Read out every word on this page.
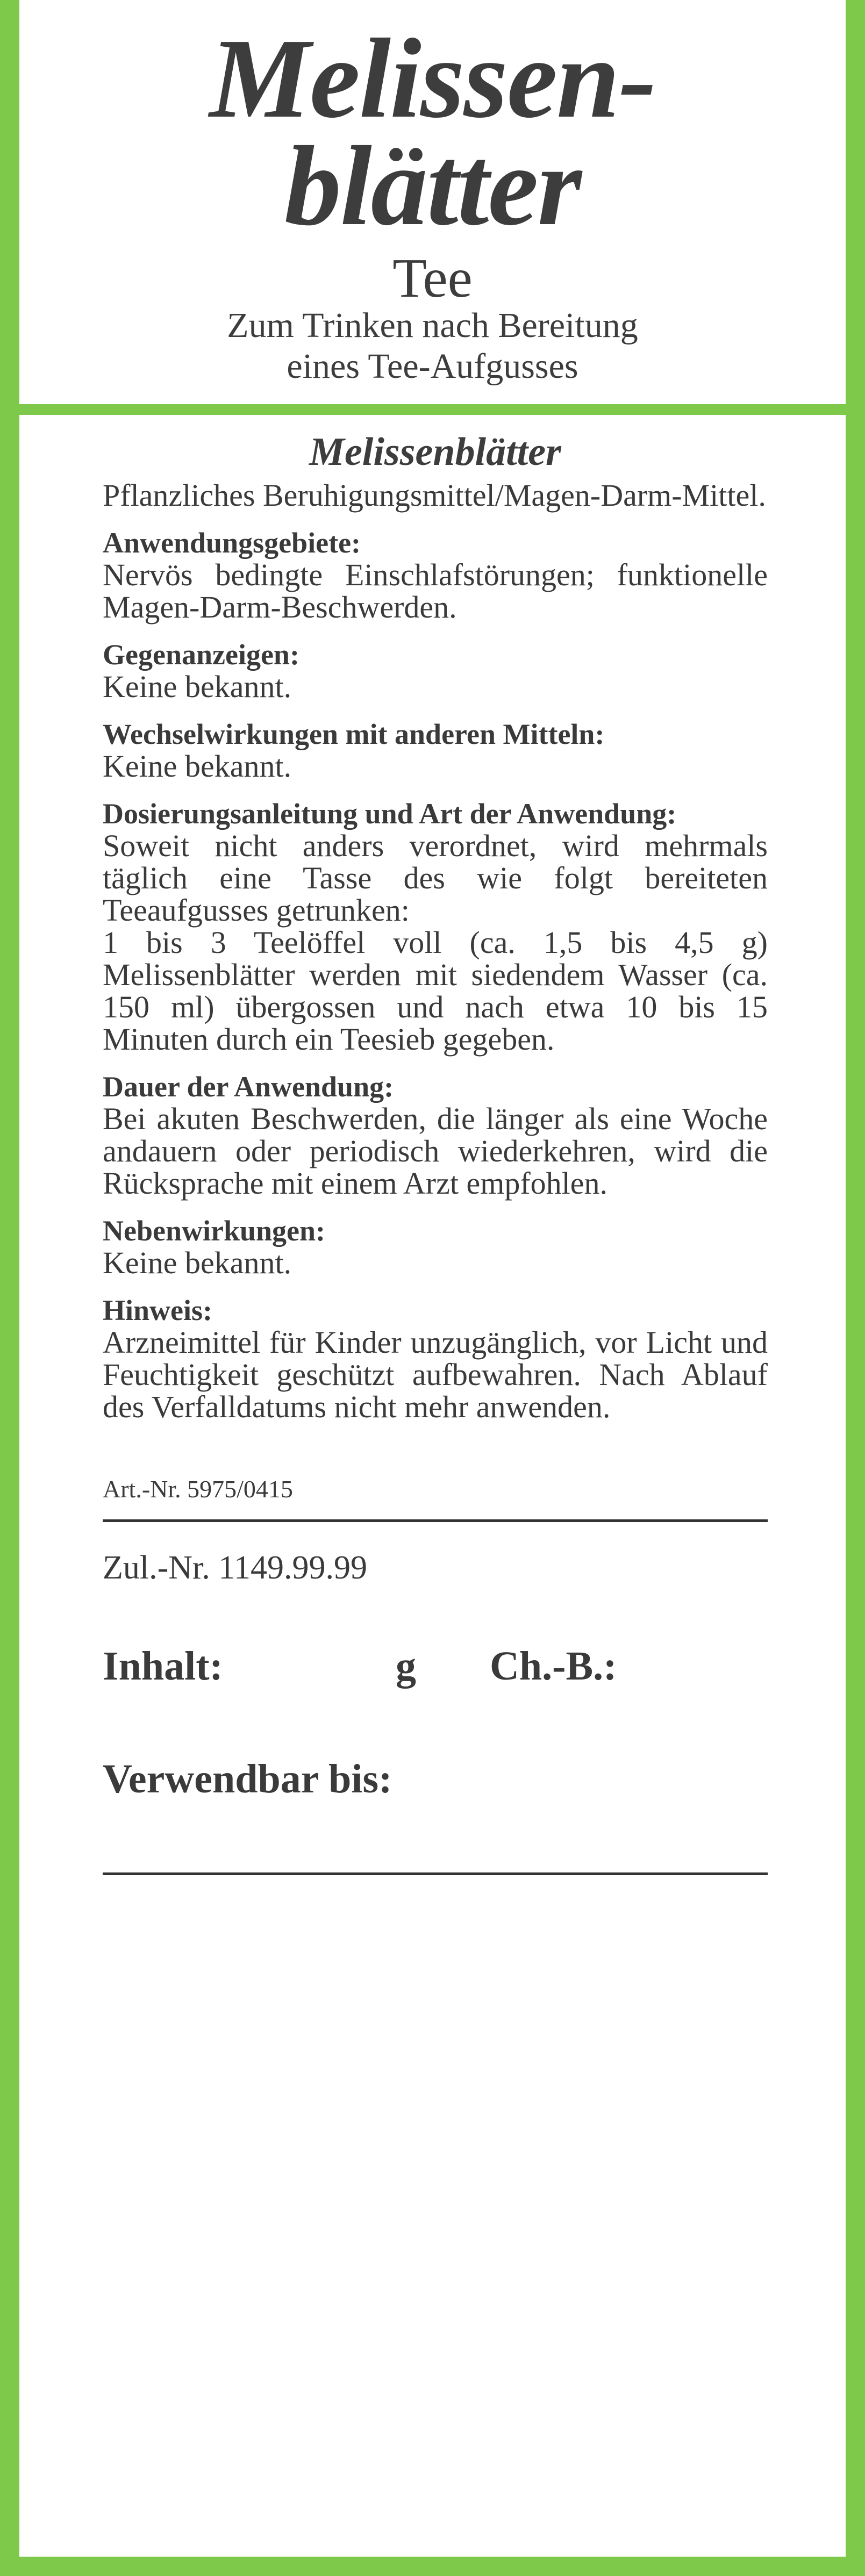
Melissen-
blätter
Tee
Zum Trinken nach Bereitung
eines Tee-Aufgusses
Melissenblätter
Pflanzliches Beruhigungsmittel/Magen-Darm-Mittel.
Anwendungsgebiete:
Nervös bedingte Einschlafstörungen; funktionelle Magen-Darm-Beschwerden.
Gegenanzeigen:
Keine bekannt.
Wechselwirkungen mit anderen Mitteln:
Keine bekannt.
Dosierungsanleitung und Art der Anwendung:
Soweit nicht anders verordnet, wird mehrmals täglich eine Tasse des wie folgt bereiteten Teeaufgusses getrunken:
1 bis 3 Teelöffel voll (ca. 1,5 bis 4,5 g) Melissenblätter werden mit siedendem Wasser (ca. 150 ml) übergossen und nach etwa 10 bis 15 Minuten durch ein Teesieb gegeben.
Dauer der Anwendung:
Bei akuten Beschwerden, die länger als eine Woche andauern oder periodisch wiederkehren, wird die Rücksprache mit einem Arzt empfohlen.
Nebenwirkungen:
Keine bekannt.
Hinweis:
Arzneimittel für Kinder unzugänglich, vor Licht und Feuchtigkeit geschützt aufbewahren. Nach Ablauf des Verfalldatums nicht mehr anwenden.
Art.-Nr. 5975/0415
Zul.-Nr. 1149.99.99
Inhalt:	g Ch.-B.:
Verwendbar bis:
